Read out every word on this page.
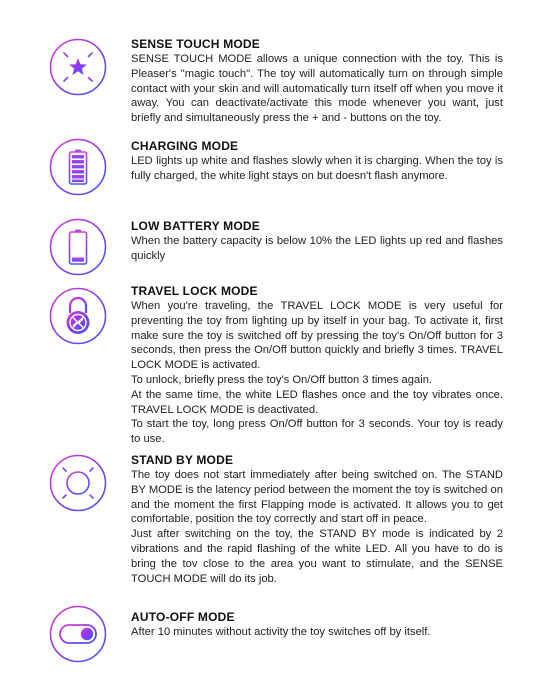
SENSE TOUCH MODE

SENSE TOUCH MODE allows a unique connection with the toy. This is Pleaser's "magic touch". The toy will automatically turn on through simple contact with your skin and will automatically turn itself off when you move it away. You can deactivate/activate this mode whenever you want, just briefly and simultaneously press the + and - buttons on the toy.

CHARGING MODE

LED lights up white and flashes slowly when it is charging. When the toy is fully charged, the white light stays on but doesn't flash anymore.

LOW BATTERY MODE

When the battery capacity is below 10% the LED lights up red and flashes quickly

TRAVEL LOCK MODE

When you're traveling, the TRAVEL LOCK MODE is very useful for preventing the toy from lighting up by itself in your bag. To activate it, first make sure the toy is switched off by pressing the toy's On/Off button for 3 seconds, then press the On/Off button quickly and briefly 3 times. TRAVEL LOCK MODE is activated.

To unlock, briefly press the toy's On/Off button 3 times again.

At the same time, the white LED flashes once and the toy vibrates once. TRAVEL LOCK MODE is deactivated.

To start the toy, long press On/Off button for 3 seconds. Your toy is ready to use.

STAND BY MODE

The toy does not start immediately after being switched on. The STAND BY MODE is the latency period between the moment the toy is switched on and the moment the first Flapping mode is activated. It allows you to get comfortable, position the toy correctly and start off in peace.

Just after switching on the toy, the STAND BY mode is indicated by 2 vibrations and the rapid flashing of the white LED. All you have to do is bring the tov close to the area you want to stimulate, and the SENSE TOUCH MODE will do its job.

AUTO-OFF MODE

After 10 minutes without activity the toy switches off by itself.
